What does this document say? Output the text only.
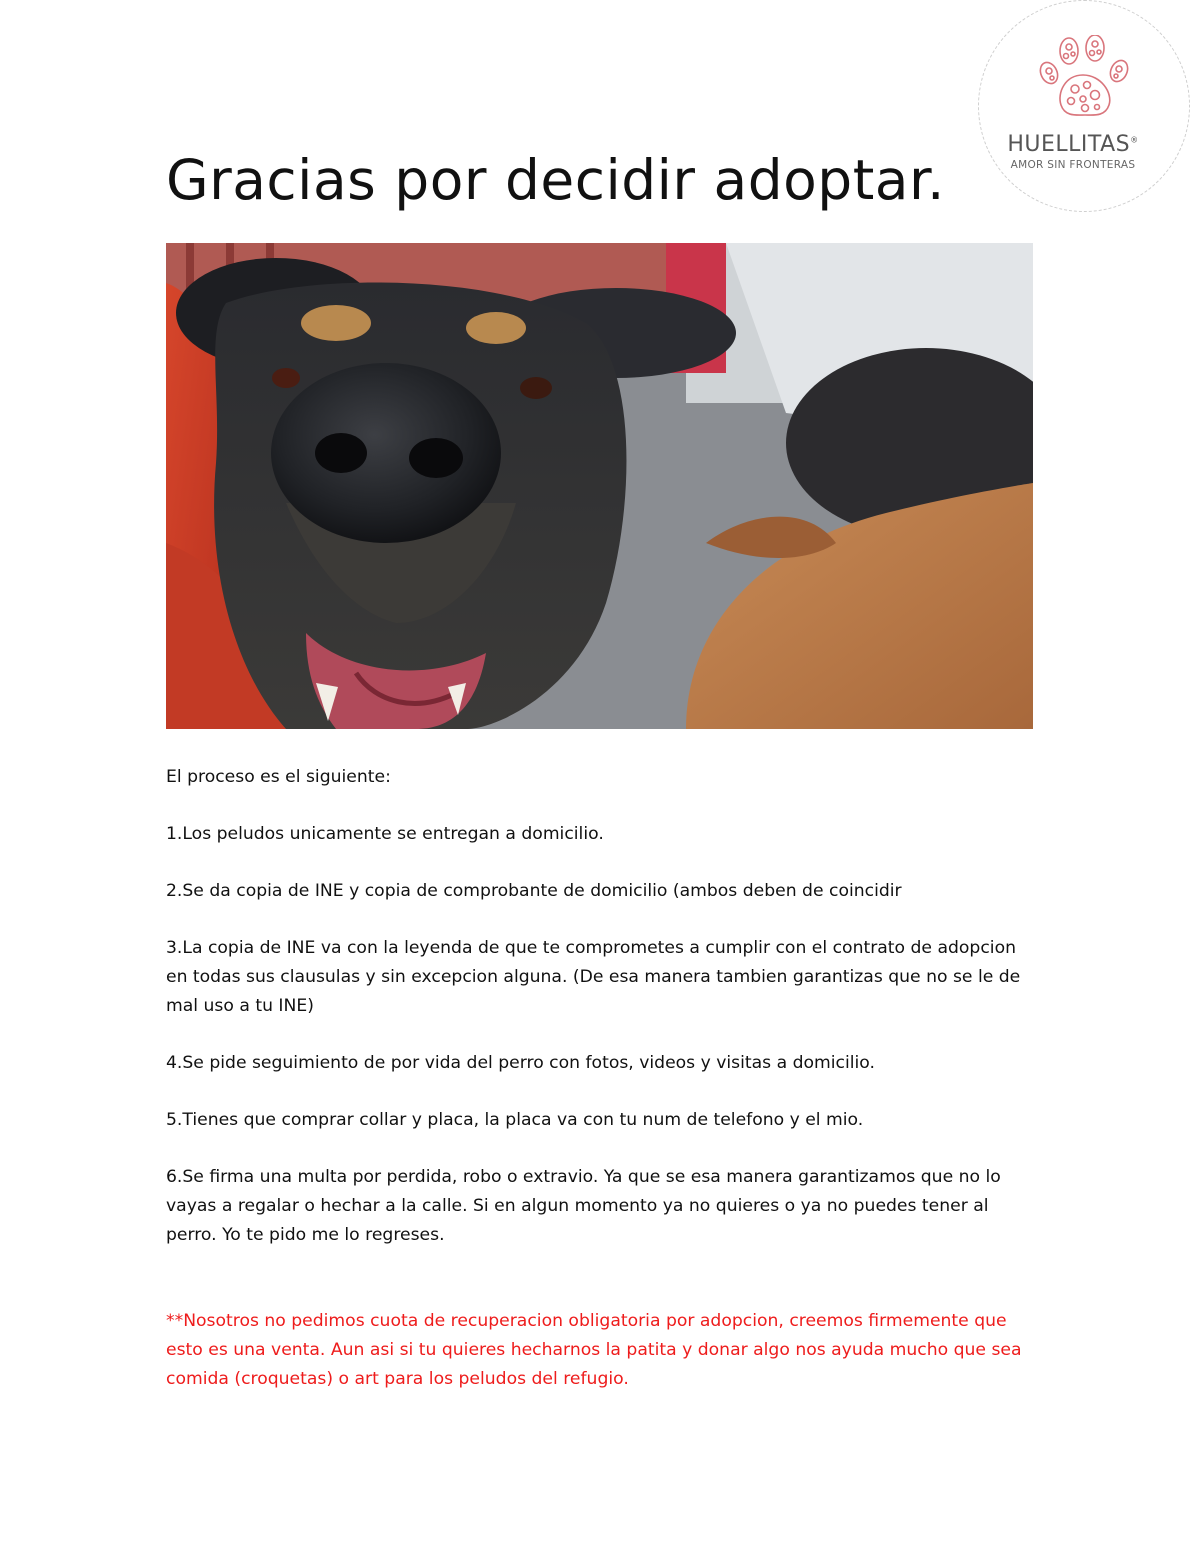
HUELLITAS®
AMOR SIN FRONTERAS
Gracias por decidir adoptar.

El proceso es el siguiente:

1.Los peludos unicamente se entregan a domicilio.

2.Se da copia de INE y copia de comprobante de domicilio (ambos deben de coincidir

3.La copia de INE va con la leyenda de que te comprometes a cumplir con el contrato de adopcion en todas sus clausulas y sin excepcion alguna. (De esa manera tambien garantizas que no se le de mal uso a tu INE)

4.Se pide seguimiento de por vida del perro con fotos, videos y visitas a domicilio.

5.Tienes que comprar collar y placa, la placa va con tu num de telefono y el mio.

6.Se firma una multa por perdida, robo o extravio. Ya que se esa manera garantizamos que no lo vayas a regalar o hechar a la calle. Si en algun momento ya no quieres o ya no puedes tener al perro. Yo te pido me lo regreses.

**Nosotros no pedimos cuota de recuperacion obligatoria por adopcion, creemos firmemente que esto es una venta. Aun asi si tu quieres hecharnos la patita y donar algo nos ayuda mucho que sea comida (croquetas) o art para los peludos del refugio.
